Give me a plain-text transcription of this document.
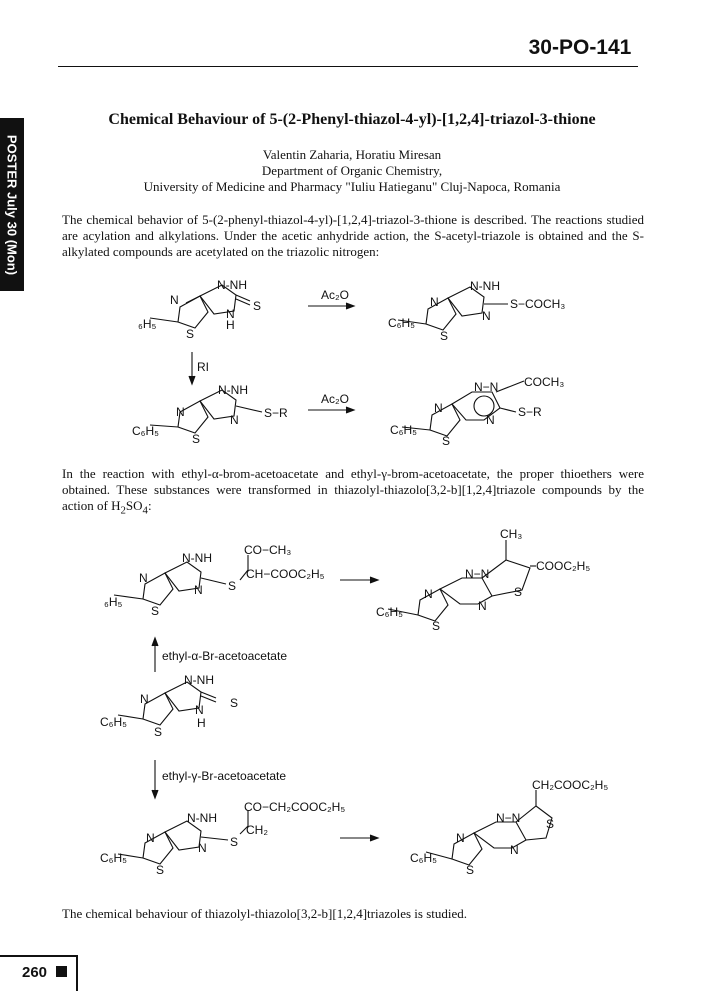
30-PO-141
POSTER July 30 (Mon)
Chemical Behaviour of 5-(2-Phenyl-thiazol-4-yl)-[1,2,4]-triazol-3-thione
Valentin Zaharia, Horatiu Miresan
Department of Organic Chemistry,
University of Medicine and Pharmacy "Iuliu Hatieganu" Cluj-Napoca, Romania
The chemical behavior of 5-(2-phenyl-thiazol-4-yl)-[1,2,4]-triazol-3-thione is described. The reactions studied are acylation and alkylations. Under the acetic anhydride action, the S-acetyl-triazole is obtained and the S-alkylated compounds are acetylated on the triazolic nitrogen:
N
S
₆H₅
N-NH
N
H
S
Ac₂O	N
S
C₆H₅
N-NH
N
S−COCH₃
RI
N
S
C₆H₅
N-NH
N S−R
Ac₂O
N
S
C₆H₅
N−N COCH₃
S−R
N
In the reaction with ethyl-α-brom-acetoacetate and ethyl-γ-brom-acetoacetate, the proper thioethers were obtained. These substances were transformed in thiazolyl-thiazolo[3,2-b][1,2,4]triazole compounds by the action of $H_2SO_4$:
N
S
₆H₅
N-NH
N S
CO−CH₃
CH−COOC₂H₅
N
S
C₆H₅
N−N
CH₃
COOC₂H₅
N
S
ethyl-α-Br-acetoacetate
N
S
C₆H₅
N-NH
N
H
S
ethyl-γ-Br-acetoacetate
N
S
C₆H₅
N-NH
N S
CO−CH₂COOC₂H₅
CH₂
N
S
C₆H₅
N−N
CH₂COOC₂H₅
N
S
The chemical behaviour of thiazolyl-thiazolo[3,2-b][1,2,4]triazoles is studied.
260
